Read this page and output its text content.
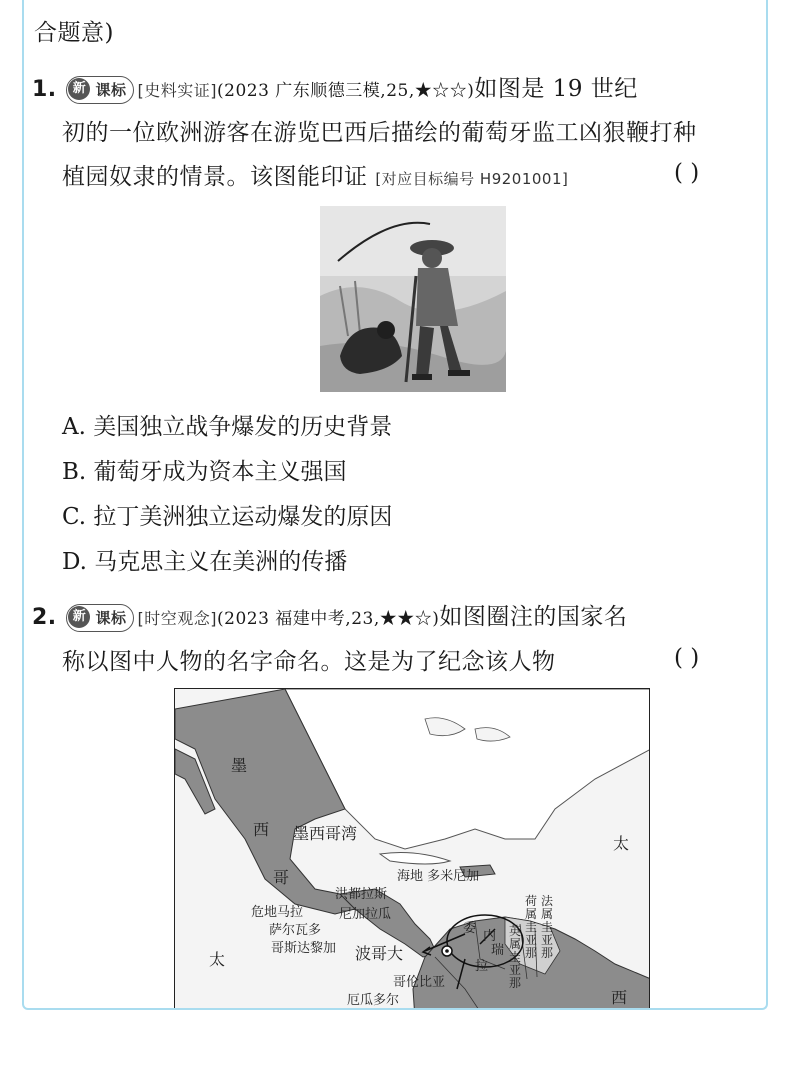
合题意)
1.	新 课标 [史料实证](2023 广东顺德三模,25,★☆☆)如图是 19 世纪
初的一位欧洲游客在游览巴西后描绘的葡萄牙监工凶狠鞭打种
植园奴隶的情景。该图能印证 [对应目标编号 H9201001]	( )
A. 美国独立战争爆发的历史背景
B. 葡萄牙成为资本主义强国
C. 拉丁美洲独立运动爆发的原因
D. 马克思主义在美洲的传播
2.	新 课标 [时空观念](2023 福建中考,23,★★☆)如图圈注的国家名
称以图中人物的名字命名。这是为了纪念该人物	( )
墨
西
哥
墨西哥湾
太
西
太
海地 多米尼加
洪都拉斯
危地马拉	尼加拉瓜
萨尔瓦多
哥斯达黎加
委
内
瑞
拉
波哥大
哥伦比亚
厄瓜多尔
英属圭亚那
荷属圭亚那
法属圭亚那
